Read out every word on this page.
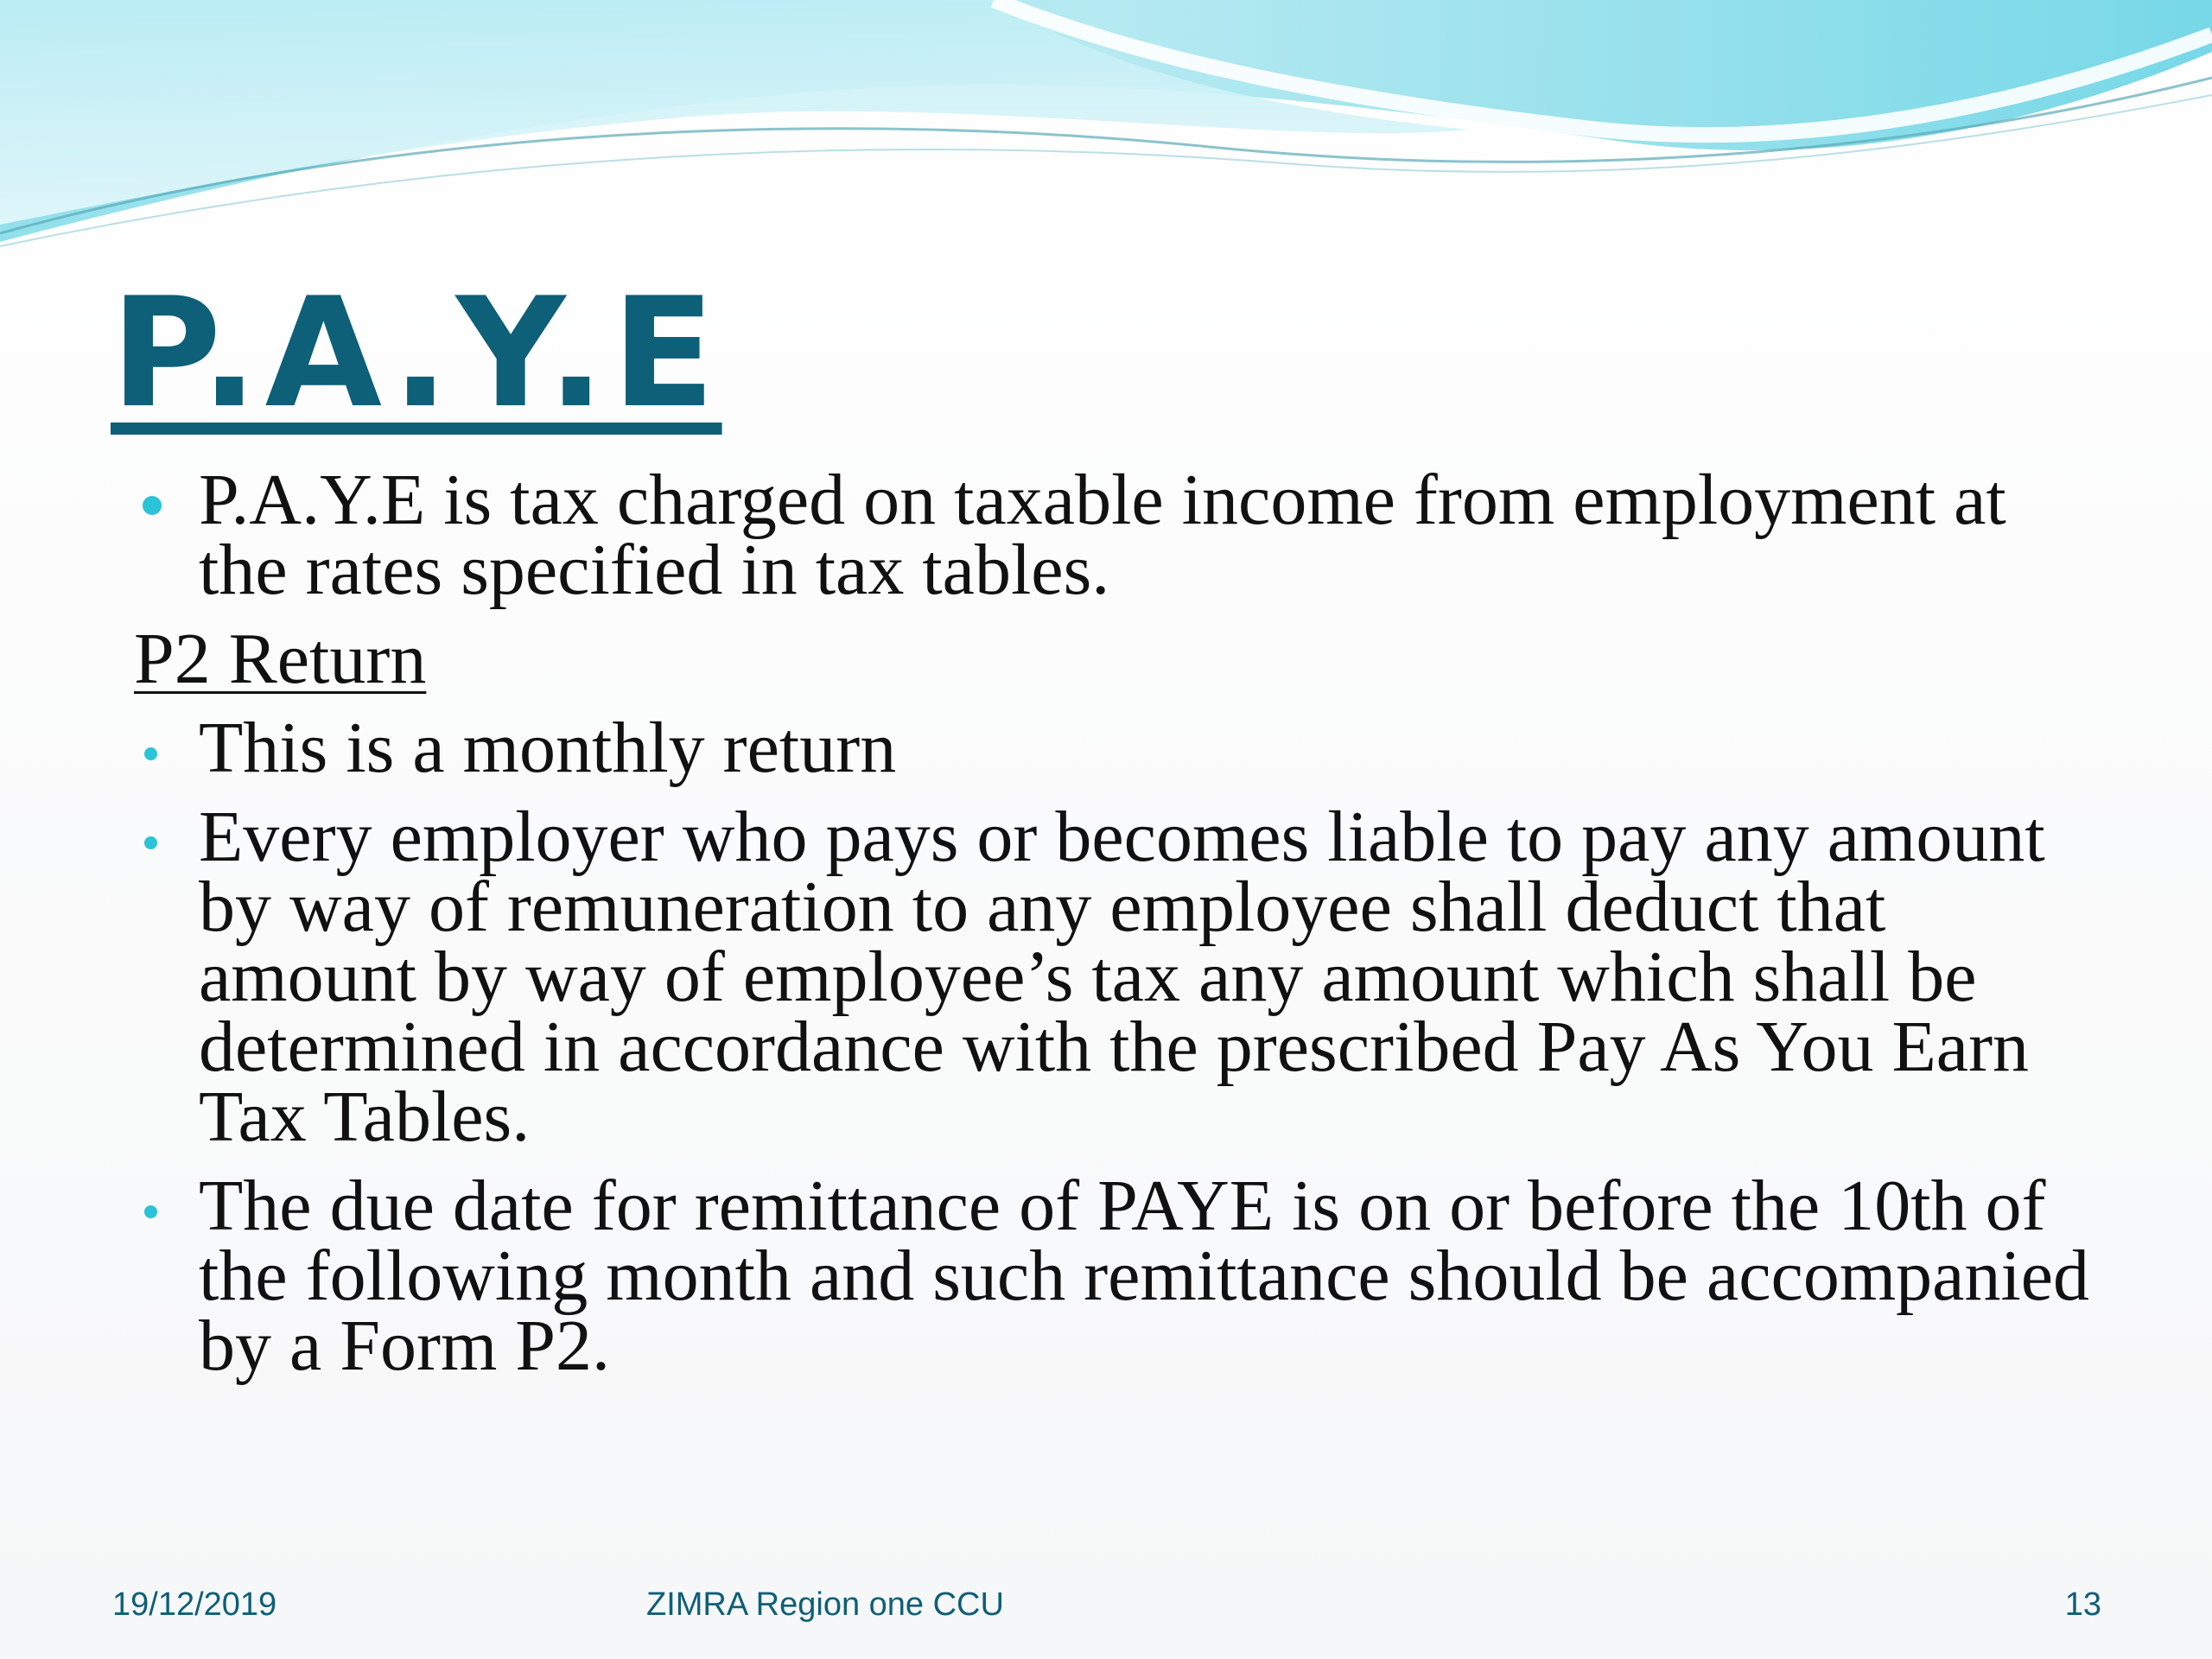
P.A.Y.E
P.A.Y.E is tax charged on taxable income from employment at the rates specified in tax tables.
P2 Return
This is a monthly return
Every employer who pays or becomes liable to pay any amount by way of remuneration to any employee shall deduct that amount by way of employee’s tax any amount which shall be determined in accordance with the prescribed Pay As You Earn Tax Tables.
The due date for remittance of PAYE is on or before the 10th of the following month and such remittance should be accompanied by a Form P2.
19/12/2019	ZIMRA Region one CCU	13
